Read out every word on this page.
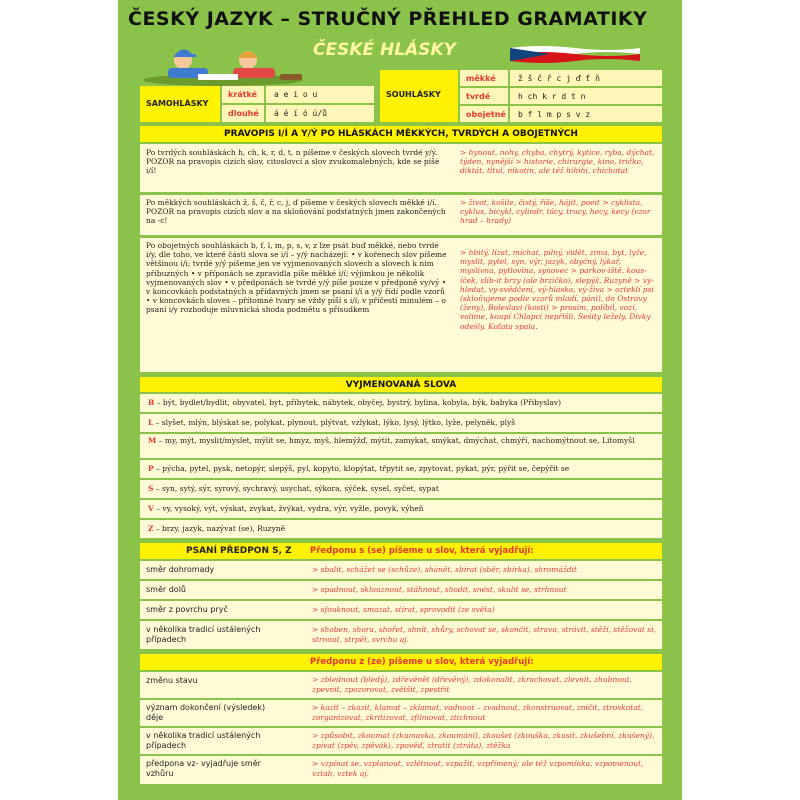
ČESKÝ JAZYK – STRUČNÝ PŘEHLED GRAMATIKY
ČESKÉ HLÁSKY
SAMOHLÁSKY
krátké a e i o u
dlouhé á é í ó ú/ů
SOUHLÁSKY
měkké	ž š č ř c j ď ť ň
tvrdé	h ch k r d t n
obojetné b f l m p s v z
PRAVOPIS I/Í A Y/Ý PO HLÁSKÁCH MĚKKÝCH, TVRDÝCH A OBOJETNÝCH
Po tvrdých souhláskách h, ch, k, r, d, t, n píšeme v českých slovech tvrdé y/ý. POZOR na pravopis cizích slov, citoslovcí a slov zvukomalebných, kde se píše i/í!
> hynout, nohy, chyba, chytrý, kytice, ryba, dýchat, týden, nynější > historie, chirurgie, kino, tričko, diktát, titul, nikotin, ale též hihihi, chichotat
Po měkkých souhláskách ž, š, č, ř, c, j, ď píšeme v českých slovech měkké i/í. POZOR na pravopis cizích slov a na skloňování podstatných jmen zakončených na -c!
> život, košile, čistý, říše, hájit, poeit > cyklista, cyklus, bicykl, cylindr, tácy, trucy, hecy, kecy (vzor hrad – hrady)
Po obojetných souhláskách b, f, l, m, p, s, v, z lze psát buď měkké, nebo tvrdé i/y, dle toho, ve které části slova se i/í – y/ý nacházejí: • v kořenech slov píšeme většinou i/í; tvrdé y/ý píšeme jen ve vyjmenovaných slovech a slovech k nim příbuzných • v příponách se zpravidla píše měkké i/í; výjimkou je několik vyjmenovaných slov • v předponách se tvrdé y/ý píše pouze v předponě vy/vý • v koncovkách podstatných a přídavných jmen se psaní i/í a y/ý řídí podle vzorů • v koncovkách sloves – přítomné tvary se vždy píší s i/í; v příčestí minulém – o psaní i/y rozhoduje mluvnická shoda podmětu s přísudkem
> hbitý, lízat, míchat, pilný, vidět, zima, byt, lyže, myslit, pytel, syn, výr, jazyk, obyčný, lýkař, myslivna, pytlovina, synovec > parkov-iště, kous-íček, slib-it brzy (ale brzičko), slepýš, Ruzyně > vy-hledat, vy-svědčení, vý-hláska, vý-živa > ozteklí psi (skloňujeme podle vzorů mladí, páni), do Ostravy (ženy), Boleslavi (kosti) > prosím, políbil, vozí, volíme, koupí Chlapci nepřišli. Sešity ležely. Dívky odešly. Koťata spala.
VYJMENOVANÁ SLOVA
B – být, bydlet/bydlit, obyvatel, byt, příbytek, nábytek, obyčej, bystrý, bylina, kobyla, býk, babyka (Přibyslav)
L – slyšet, mlýn, blýskat se, polykat, plynout, plýtvat, vzlykat, lýko, lysý, lýtko, lyže, pelyněk, plyš
M – my, mýt, myslit/myslet, mýlit se, hmyz, myš, hlemýžď, mýtit, zamykat, smýkat, dmýchat, chmýří, nachomýtnout se, Litomyšl
P – pýcha, pytel, pysk, netopýr, slepýš, pyl, kopyto, klopýtat, třpytit se, zpytovat, pykat, pýr, pýřit se, čepýřit se
S – syn, sytý, sýr, syrový, sychravý, usychat, sýkora, sýček, sysel, syčet, sypat
V – vy, vysoký, výt, výskat, zvykat, žvýkat, vydra, výr, vyžle, povyk, výheň
Z – brzy, jazyk, nazývat (se), Ruzyně
PSANÍ PŘEDPON S, Z Předponu s (se) píšeme u slov, která vyjadřují:
směr dohromady	> sbalit, schážet se (schůze), shánět, sbírat (sběr, sbírka), shromáždit
směr dolů	> spadnout, sklouznout, stáhnout, shodit, snést, skulit se, strhnout
směr z povrchu pryč	> sfouknout, smazat, stírat, sprovodit (ze světa)
v několika tradicí ustálených případech
> shoben, shora, shořet, shnít, shůry, schovat se, skončit, strava, strávit, stěží, stěžovat si, strnout, strpět, svrchu aj.
Předponu z (ze) píšeme u slov, která vyjadřují:
změnu stavu	> zblednout (bledý), zdřevěnět (dřevěný), zdokonalit, zkrachovat, zlevnit, zhubnout, zpevnit, zpozorovat, zvětšit, zpestřit
význam dokončení (výsledek) děje
> kazit – zkazit, klamat – zklamat, vadnout – zvadnout, zkonstruovat, zničit, ztroskotat, zorganizovat, zkritizovat, zfilmovat, ztichnout
v několika tradicí ustálených případech
> způsobit, zkoumat (zkumavka, zkoumání), zkoušet (zkouška, zkusit, zkušební, zkušený), zpívat (zpěv, zpěvák), zpověď, ztratit (ztráta), ztěžka
předpona vz- vyjadřuje směr vzhůru
> vzpínat se, vzplanout, vzlétnout, vzpažit, vzpřímený; ale též vzpomínka, vzpomenout, vztah, vztek aj.
